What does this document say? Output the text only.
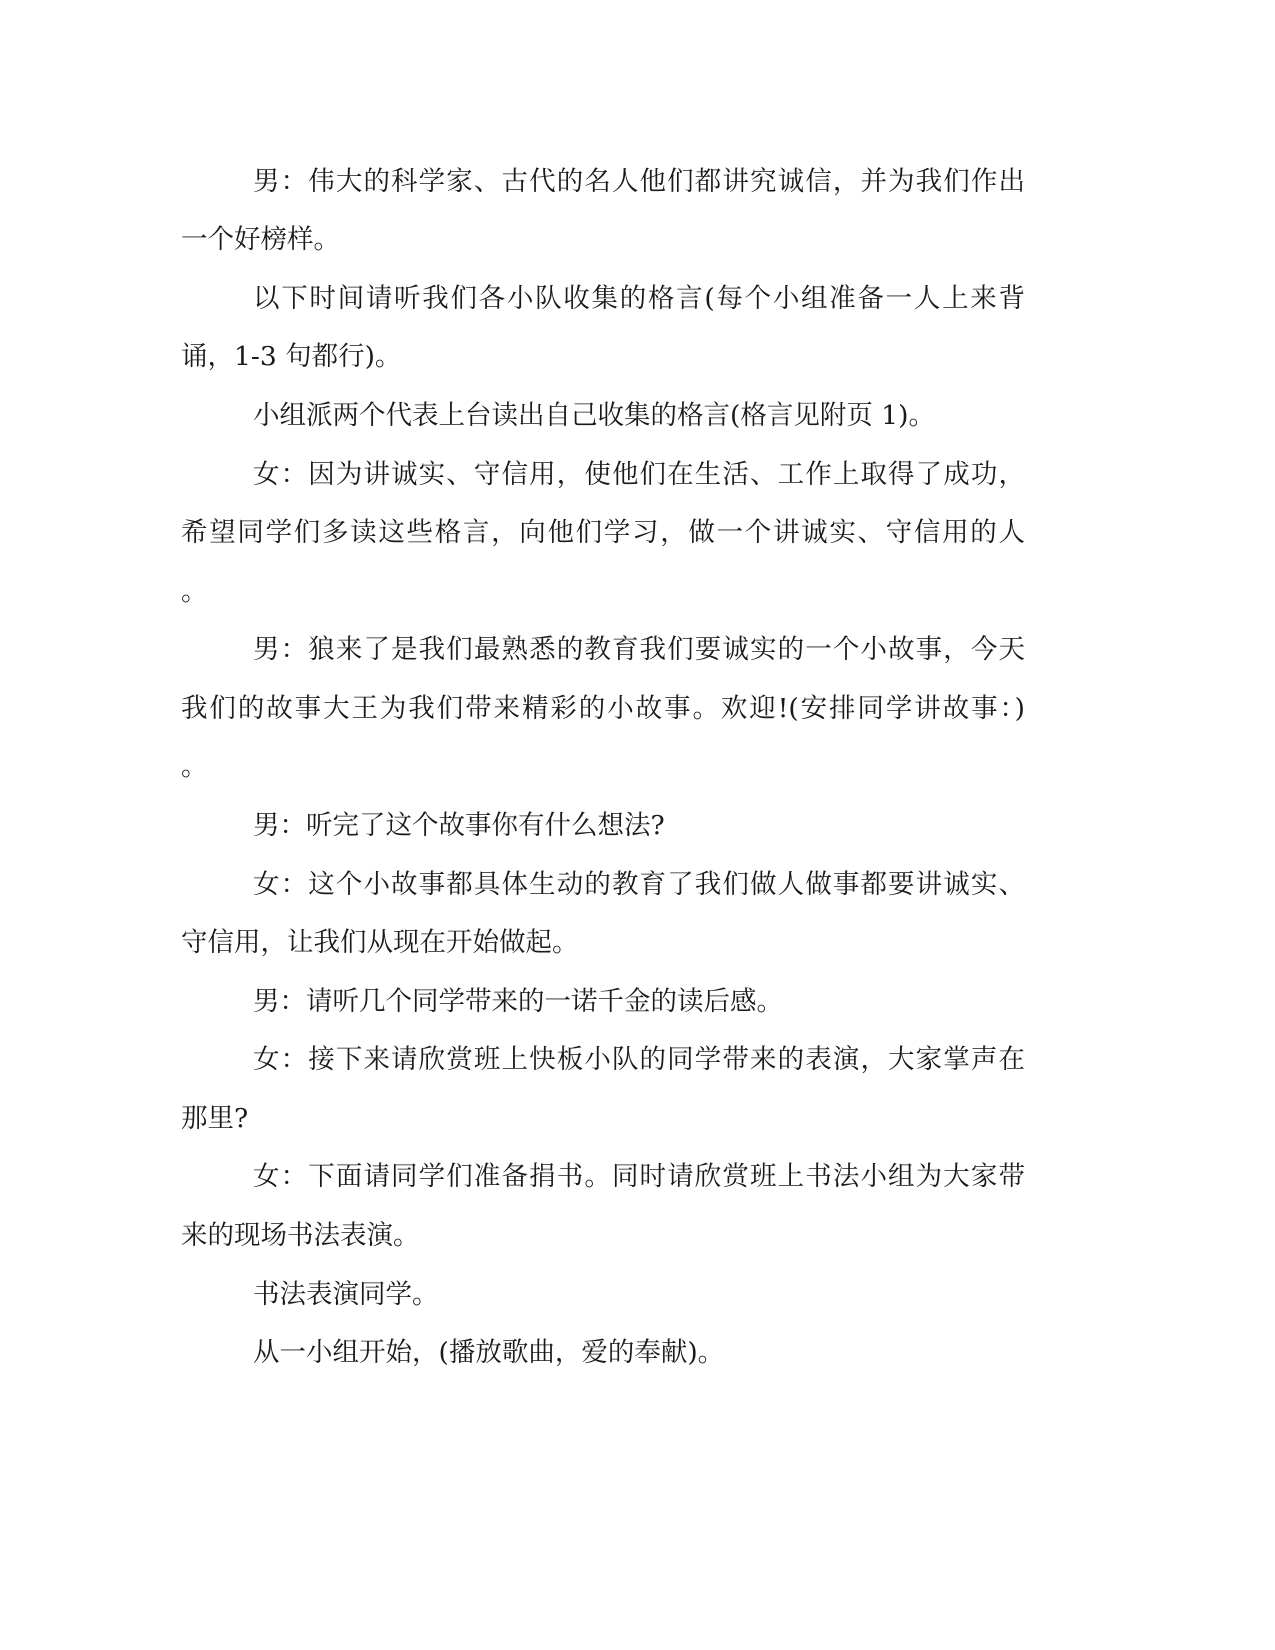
男：伟大的科学家、古代的名人他们都讲究诚信，并为我们作出
一个好榜样。
以下时间请听我们各小队收集的格言(每个小组准备一人上来背
诵，1-3 句都行)。
小组派两个代表上台读出自己收集的格言(格言见附页 1)。
女：因为讲诚实、守信用，使他们在生活、工作上取得了成功，
希望同学们多读这些格言，向他们学习，做一个讲诚实、守信用的人
。
男：狼来了是我们最熟悉的教育我们要诚实的一个小故事，今天
我们的故事大王为我们带来精彩的小故事。欢迎!(安排同学讲故事：)
。
男：听完了这个故事你有什么想法?
女：这个小故事都具体生动的教育了我们做人做事都要讲诚实、
守信用，让我们从现在开始做起。
男：请听几个同学带来的一诺千金的读后感。
女：接下来请欣赏班上快板小队的同学带来的表演，大家掌声在
那里?
女：下面请同学们准备捐书。同时请欣赏班上书法小组为大家带
来的现场书法表演。
书法表演同学。
从一小组开始，(播放歌曲，爱的奉献)。
